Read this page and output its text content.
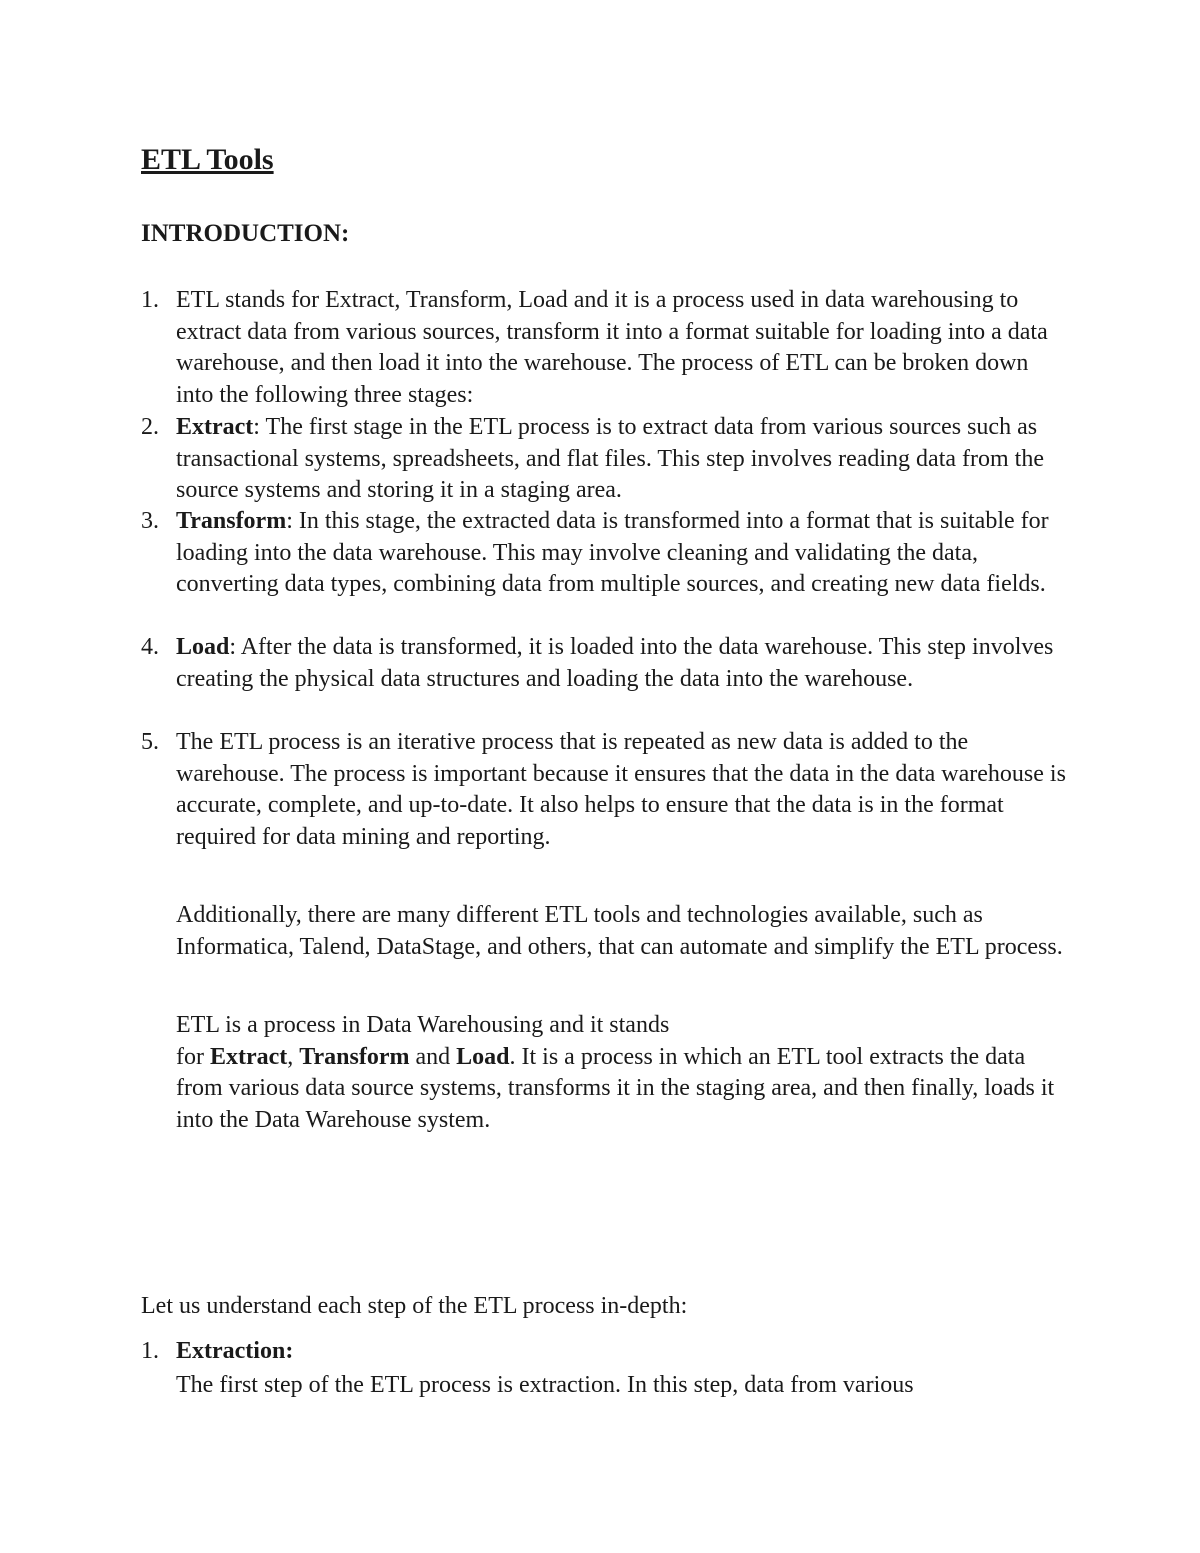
ETL Tools
INTRODUCTION:
1. ETL stands for Extract, Transform, Load and it is a process used in data warehousing to extract data from various sources, transform it into a format suitable for loading into a data warehouse, and then load it into the warehouse. The process of ETL can be broken down into the following three stages:
2. Extract: The first stage in the ETL process is to extract data from various sources such as transactional systems, spreadsheets, and flat files. This step involves reading data from the source systems and storing it in a staging area.
3. Transform: In this stage, the extracted data is transformed into a format that is suitable for loading into the data warehouse. This may involve cleaning and validating the data, converting data types, combining data from multiple sources, and creating new data fields.
4. Load: After the data is transformed, it is loaded into the data warehouse. This step involves creating the physical data structures and loading the data into the warehouse.
5. The ETL process is an iterative process that is repeated as new data is added to the warehouse. The process is important because it ensures that the data in the data warehouse is accurate, complete, and up-to-date. It also helps to ensure that the data is in the format required for data mining and reporting.

Additionally, there are many different ETL tools and technologies available, such as Informatica, Talend, DataStage, and others, that can automate and simplify the ETL process.

ETL is a process in Data Warehousing and it stands
for Extract, Transform and Load. It is a process in which an ETL tool extracts the data from various data source systems, transforms it in the staging area, and then finally, loads it into the Data Warehouse system.

Let us understand each step of the ETL process in-depth:

1. Extraction:
The first step of the ETL process is extraction. In this step, data from various
